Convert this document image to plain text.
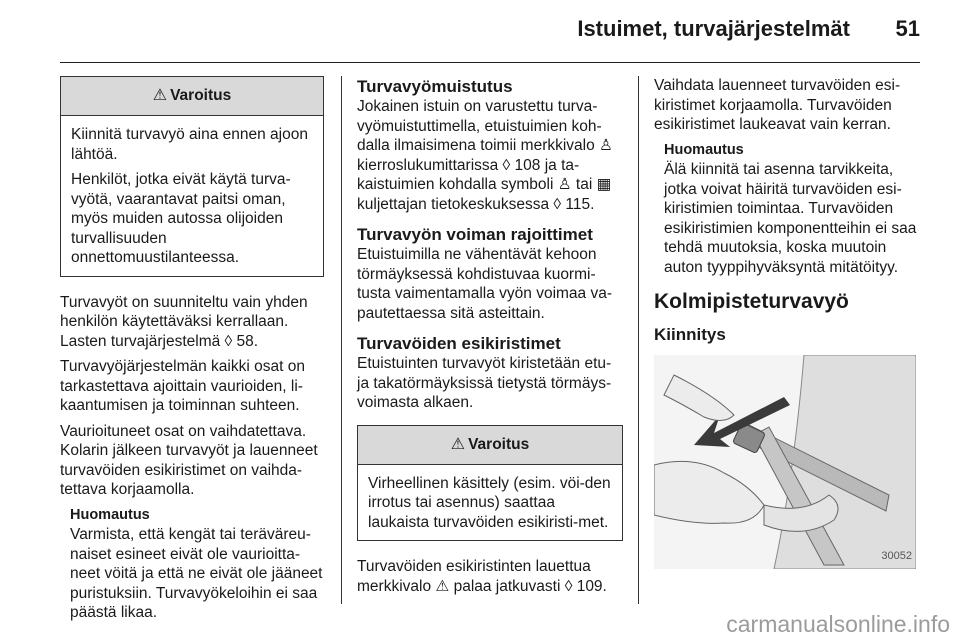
Istuimet, turvajärjestelmät 51
⚠ Varoitus

Kiinnitä turvavyö aina ennen ajoon lähtöä.

Henkilöt, jotka eivät käytä turva-vyötä, vaarantavat paitsi oman, myös muiden autossa olijoiden turvallisuuden onnettomuustilanteessa.

Turvavyöt on suunniteltu vain yhden henkilön käytettäväksi kerrallaan. Lasten turvajärjestelmä ◊ 58.

Turvavyöjärjestelmän kaikki osat on tarkastettava ajoittain vaurioiden, li-kaantumisen ja toiminnan suhteen.

Vaurioituneet osat on vaihdatettava. Kolarin jälkeen turvavyöt ja lauenneet turvavöiden esikiristimet on vaihda-tettava korjaamolla.

Huomautus
Varmista, että kengät tai teräväreu-naiset esineet eivät ole vaurioitta-neet vöitä ja että ne eivät ole jääneet puristuksiin. Turvavyökeloihin ei saa päästä likaa.
Turvavyömuistutus

Jokainen istuin on varustettu turva-vyömuistuttimella, etuistuimien koh-dalla ilmaisimena toimii merkkivalo ♙ kierroslukumittarissa ◊ 108 ja ta-kaistuimien kohdalla symboli ♙ tai ▦ kuljettajan tietokeskuksessa ◊ 115.

Turvavyön voiman rajoittimet

Etuistuimilla ne vähentävät kehoon törmäyksessä kohdistuvaa kuormi-tusta vaimentamalla vyön voimaa va-pautettaessa sitä asteittain.

Turvavöiden esikiristimet

Etuistuinten turvavyöt kiristetään etu-ja takatörmäyksissä tietystä törmäys-voimasta alkaen.

⚠ Varoitus

Virheellinen käsittely (esim. vöi-den irrotus tai asennus) saattaa laukaista turvavöiden esikiristi-met.

Turvavöiden esikiristinten lauettua merkkivalo ⚠ palaa jatkuvasti ◊ 109.

Vaihdata lauenneet turvavöiden esi-kiristimet korjaamolla. Turvavöiden esikiristimet laukeavat vain kerran.

Huomautus
Älä kiinnitä tai asenna tarvikkeita, jotka voivat häiritä turvavöiden esi-kiristimien toimintaa. Turvavöiden esikiristimien komponentteihin ei saa tehdä muutoksia, koska muutoin auton tyyppihyväksyntä mitätöityy.
Kolmipisteturvavyö
Kiinnitys
30052
carmanualsonline.info
